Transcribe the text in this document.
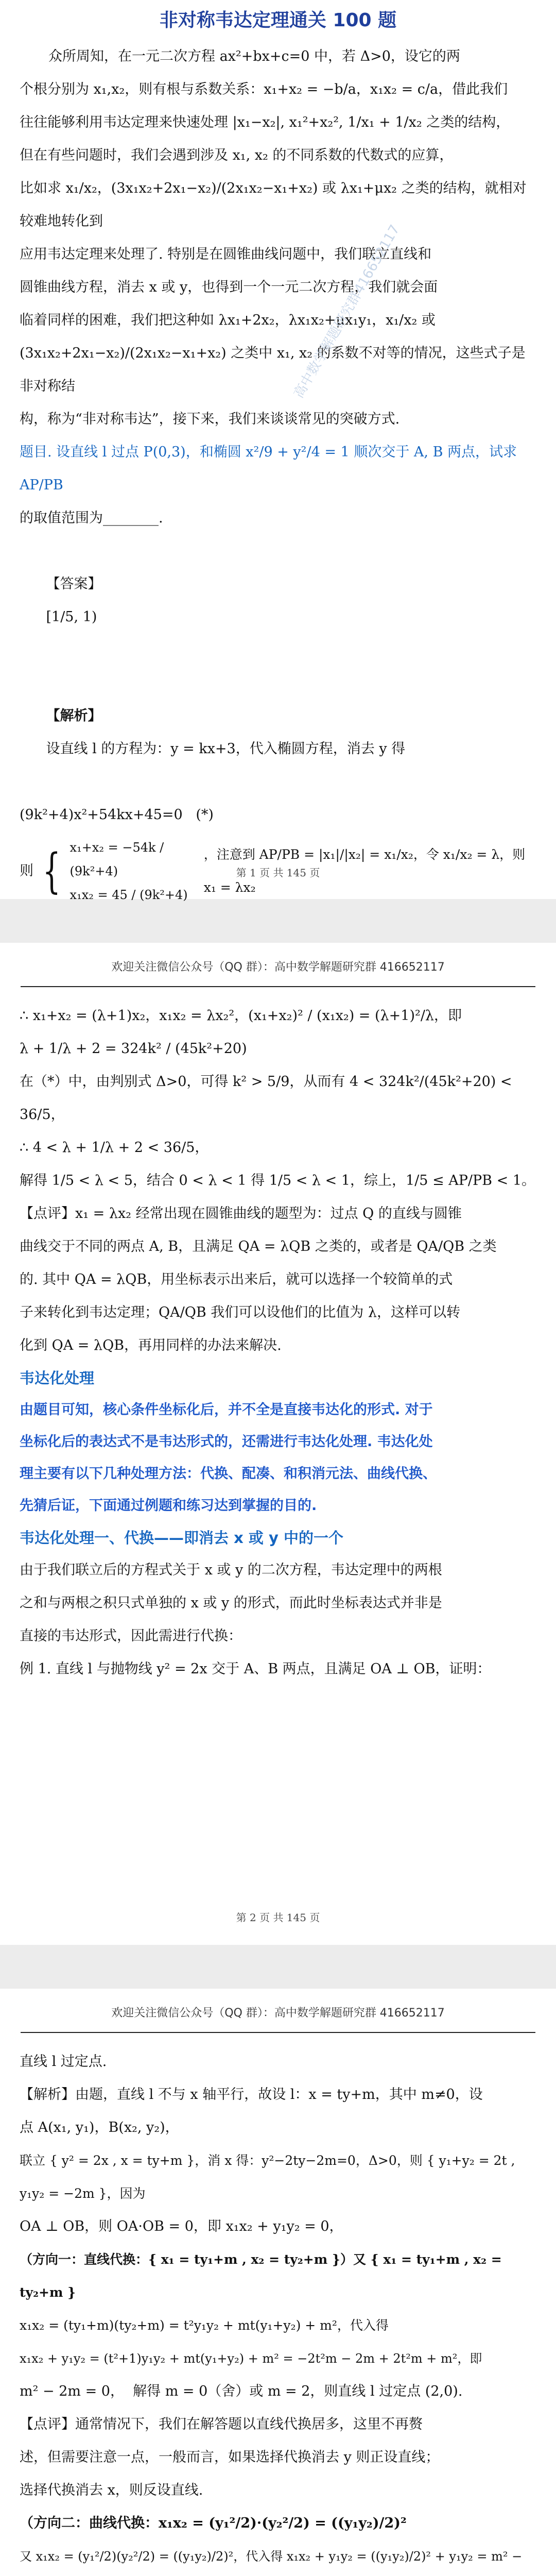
非对称韦达定理通关 100 题

众所周知，在一元二次方程 ax²+bx+c=0 中，若 Δ>0，设它的两

个根分别为 x₁,x₂，则有根与系数关系：x₁+x₂ = −b/a，x₁x₂ = c/a，借此我们

往往能够利用韦达定理来快速处理 |x₁−x₂|, x₁²+x₂², 1/x₁ + 1/x₂ 之类的结构，

但在有些问题时，我们会遇到涉及 x₁, x₂ 的不同系数的代数式的应算，

比如求 x₁/x₂，(3x₁x₂+2x₁−x₂)/(2x₁x₂−x₁+x₂) 或 λx₁+μx₂ 之类的结构，就相对较难地转化到

应用韦达定理来处理了. 特别是在圆锥曲线问题中，我们联立直线和

圆锥曲线方程，消去 x 或 y，也得到一个一元二次方程，我们就会面

临着同样的困难，我们把这种如 λx₁+2x₂，λx₁x₂+μx₁y₁，x₁/x₂ 或

(3x₁x₂+2x₁−x₂)/(2x₁x₂−x₁+x₂) 之类中 x₁, x₂ 的系数不对等的情况，这些式子是非对称结

构，称为“非对称韦达”，接下来，我们来谈谈常见的突破方式.

题目. 设直线 l 过点 P(0,3)，和椭圆 x²/9 + y²/4 = 1 顺次交于 A, B 两点，试求 AP/PB

的取值范围为________.

【答案】
[1/5, 1)

【解析】
设直线 l 的方程为：y = kx+3，代入椭圆方程，消去 y 得

(9k²+4)x²+54kx+45=0   (*)

则 { x₁+x₂ = −54k / (9k²+4)
x₁x₂ = 45 / (9k²+4)
，注意到 AP/PB = |x₁|/|x₂| = x₁/x₂，令 x₁/x₂ = λ，则 x₁ = λx₂
高中数学解题研究群416652117
第 1 页 共 145 页
欢迎关注微信公众号（QQ 群）：高中数学解题研究群 416652117

∴ x₁+x₂ = (λ+1)x₂，x₁x₂ = λx₂²，(x₁+x₂)² / (x₁x₂) = (λ+1)²/λ，即

λ + 1/λ + 2 = 324k² / (45k²+20)

在（*）中，由判别式 Δ>0，可得 k² > 5/9，从而有 4 < 324k²/(45k²+20) < 36/5，

∴ 4 < λ + 1/λ + 2 < 36/5，

解得 1/5 < λ < 5，结合 0 < λ < 1 得 1/5 < λ < 1，综上，1/5 ≤ AP/PB < 1。

【点评】x₁ = λx₂ 经常出现在圆锥曲线的题型为：过点 Q 的直线与圆锥

曲线交于不同的两点 A, B，且满足 QA = λQB 之类的，或者是 QA/QB 之类

的. 其中 QA = λQB，用坐标表示出来后，就可以选择一个较简单的式

子来转化到韦达定理；QA/QB 我们可以设他们的比值为 λ，这样可以转

化到 QA = λQB，再用同样的办法来解决.

韦达化处理

由题目可知，核心条件坐标化后，并不全是直接韦达化的形式. 对于

坐标化后的表达式不是韦达形式的，还需进行韦达化处理. 韦达化处

理主要有以下几种处理方法：代换、配凑、和积消元法、曲线代换、

先猜后证，下面通过例题和练习达到掌握的目的.

韦达化处理一、代换——即消去 x 或 y 中的一个

由于我们联立后的方程式关于 x 或 y 的二次方程，韦达定理中的两根

之和与两根之积只式单独的 x 或 y 的形式，而此时坐标表达式并非是

直接的韦达形式，因此需进行代换：

例 1. 直线 l 与抛物线 y² = 2x 交于 A、B 两点，且满足 OA ⊥ OB，证明：

第 2 页 共 145 页
欢迎关注微信公众号（QQ 群）：高中数学解题研究群 416652117

直线 l 过定点.

【解析】由题，直线 l 不与 x 轴平行，故设 l：x = ty+m，其中 m≠0，设

点 A(x₁, y₁)，B(x₂, y₂)，

联立 { y² = 2x , x = ty+m }，消 x 得：y²−2ty−2m=0，Δ>0，则 { y₁+y₂ = 2t , y₁y₂ = −2m }，因为

OA ⊥ OB，则 OA·OB = 0，即 x₁x₂ + y₁y₂ = 0，

（方向一：直线代换：{ x₁ = ty₁+m , x₂ = ty₂+m }）又 { x₁ = ty₁+m , x₂ = ty₂+m }

x₁x₂ = (ty₁+m)(ty₂+m) = t²y₁y₂ + mt(y₁+y₂) + m²，代入得

x₁x₂ + y₁y₂ = (t²+1)y₁y₂ + mt(y₁+y₂) + m² = −2t²m − 2m + 2t²m + m²，即

m² − 2m = 0，  解得 m = 0（舍）或 m = 2，则直线 l 过定点 (2,0).

【点评】通常情况下，我们在解答题以直线代换居多，这里不再赘

述，但需要注意一点，一般而言，如果选择代换消去 y 则正设直线；

选择代换消去 x，则反设直线.

（方向二：曲线代换：x₁x₂ = (y₁²/2)·(y₂²/2) = ((y₁y₂)/2)²

又 x₁x₂ = (y₁²/2)(y₂²/2) = ((y₁y₂)/2)²，代入得 x₁x₂ + y₁y₂ = ((y₁y₂)/2)² + y₁y₂ = m² −
